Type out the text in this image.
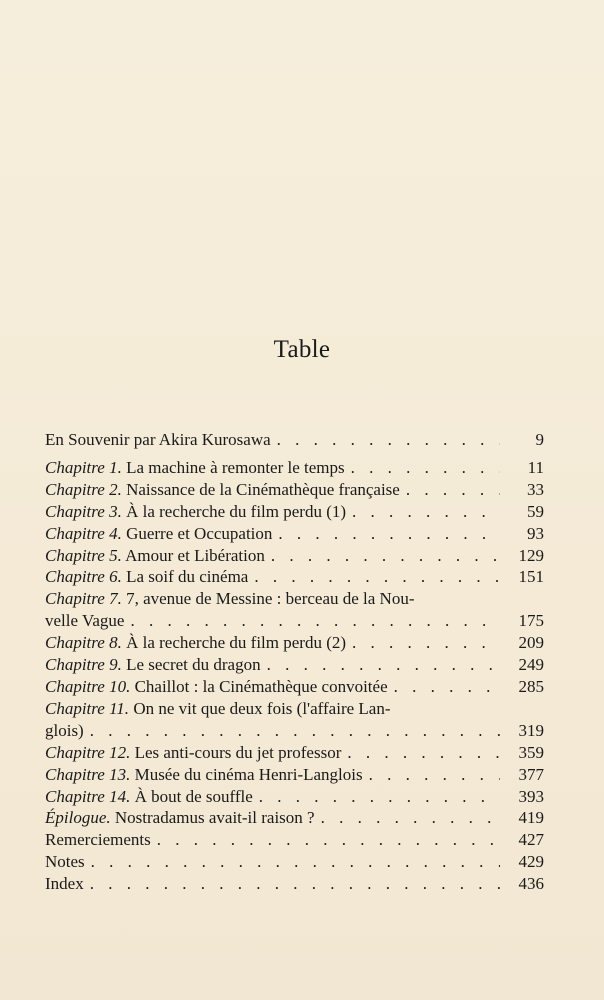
Table
En Souvenir par Akira Kurosawa . . .	9
Chapitre 1. La machine à remonter le temps . . .	11
Chapitre 2. Naissance de la Cinémathèque française . . .	33
Chapitre 3. À la recherche du film perdu (1) . . .	59
Chapitre 4. Guerre et Occupation . . .	93
Chapitre 5. Amour et Libération . . .	129
Chapitre 6. La soif du cinéma . . .	151
Chapitre 7. 7, avenue de Messine : berceau de la Nou-
velle Vague . . .	175
Chapitre 8. À la recherche du film perdu (2) . . .	209
Chapitre 9. Le secret du dragon . . .	249
Chapitre 10. Chaillot : la Cinémathèque convoitée . . .	285
Chapitre 11. On ne vit que deux fois (l'affaire Lan-
glois) . . .	319
Chapitre 12. Les anti-cours du jet professor . . .	359
Chapitre 13. Musée du cinéma Henri-Langlois . . .	377
Chapitre 14. À bout de souffle . . .	393
Épilogue. Nostradamus avait-il raison ? . . .	419
Remerciements . . .	427
Notes . . .	429
Index . . .	436
